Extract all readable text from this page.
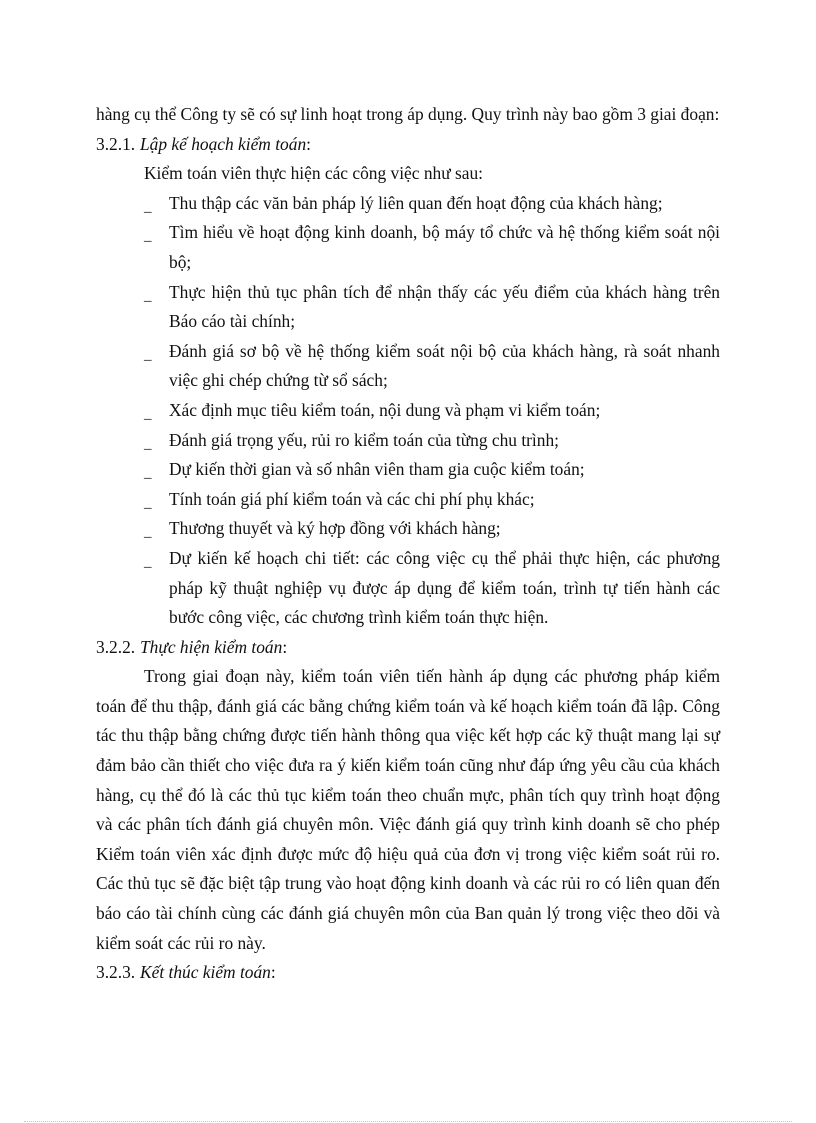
hàng cụ thể Công ty sẽ có sự linh hoạt trong áp dụng. Quy trình này bao gồm 3 giai đoạn:

3.2.1. Lập kế hoạch kiểm toán:

Kiểm toán viên thực hiện các công việc như sau:

_ Thu thập các văn bản pháp lý liên quan đến hoạt động của khách hàng;
_ Tìm hiểu về hoạt động kinh doanh, bộ máy tổ chức và hệ thống kiểm soát nội bộ;
_ Thực hiện thủ tục phân tích để nhận thấy các yếu điểm của khách hàng trên Báo cáo tài chính;
_ Đánh giá sơ bộ về hệ thống kiểm soát nội bộ của khách hàng, rà soát nhanh việc ghi chép chứng từ sổ sách;
_ Xác định mục tiêu kiểm toán, nội dung và phạm vi kiểm toán;
_ Đánh giá trọng yếu, rủi ro kiểm toán của từng chu trình;
_ Dự kiến thời gian và số nhân viên tham gia cuộc kiểm toán;
_ Tính toán giá phí kiểm toán và các chi phí phụ khác;
_ Thương thuyết và ký hợp đồng với khách hàng;
_ Dự kiến kế hoạch chi tiết: các công việc cụ thể phải thực hiện, các phương pháp kỹ thuật nghiệp vụ được áp dụng để kiểm toán, trình tự tiến hành các bước công việc, các chương trình kiểm toán thực hiện.
3.2.2. Thực hiện kiểm toán:

Trong giai đoạn này, kiểm toán viên tiến hành áp dụng các phương pháp kiểm toán để thu thập, đánh giá các bằng chứng kiểm toán và kế hoạch kiểm toán đã lập. Công tác thu thập bằng chứng được tiến hành thông qua việc kết hợp các kỹ thuật mang lại sự đảm bảo cần thiết cho việc đưa ra ý kiến kiểm toán cũng như đáp ứng yêu cầu của khách hàng, cụ thể đó là các thủ tục kiểm toán theo chuẩn mực, phân tích quy trình hoạt động và các phân tích đánh giá chuyên môn. Việc đánh giá quy trình kinh doanh sẽ cho phép Kiểm toán viên xác định được mức độ hiệu quả của đơn vị trong việc kiểm soát rủi ro. Các thủ tục sẽ đặc biệt tập trung vào hoạt động kinh doanh và các rủi ro có liên quan đến báo cáo tài chính cùng các đánh giá chuyên môn của Ban quản lý trong việc theo dõi và kiểm soát các rủi ro này.

3.2.3. Kết thúc kiểm toán:
